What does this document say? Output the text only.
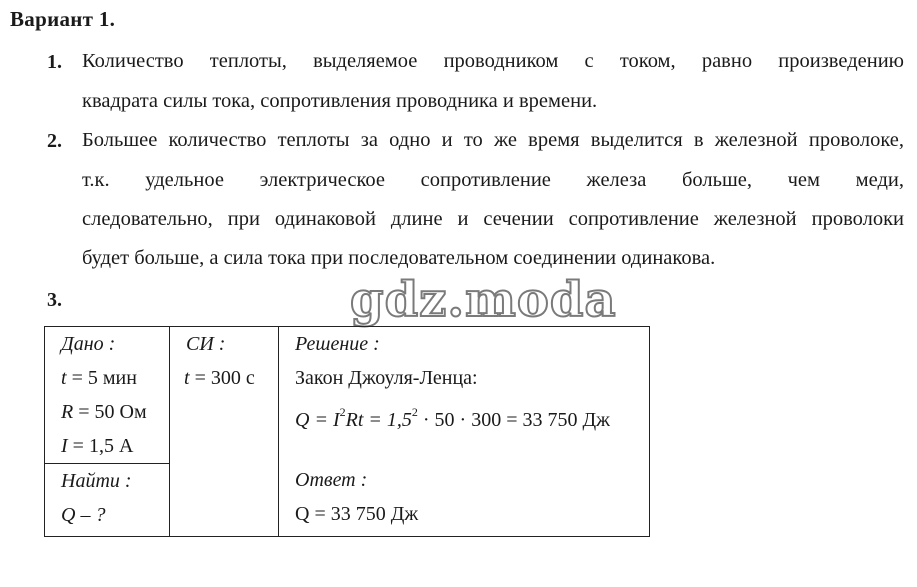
Вариант 1.
1. Количество теплоты, выделяемое проводником с током, равно произведению
квадрата силы тока, сопротивления проводника и времени.
2. Большее количество теплоты за одно и то же время выделится в железной проволоке,
т.к. удельное электрическое сопротивление железа больше, чем меди,
следовательно, при одинаковой длине и сечении сопротивление железной проволоки
будет больше, а сила тока при последовательном соединении одинакова.
3.	gdz.moda
Дано :
t = 5 мин
R = 50 Ом
I = 1,5 А

СИ :
t = 300 с

Решение :
Закон Джоуля-Ленца:
$Q = I^2Rt = 1,5^2 \cdot 50 \cdot 300 = 33$ 750 Дж
Ответ :
Q = 33 750 Дж

Найти :
Q – ?
